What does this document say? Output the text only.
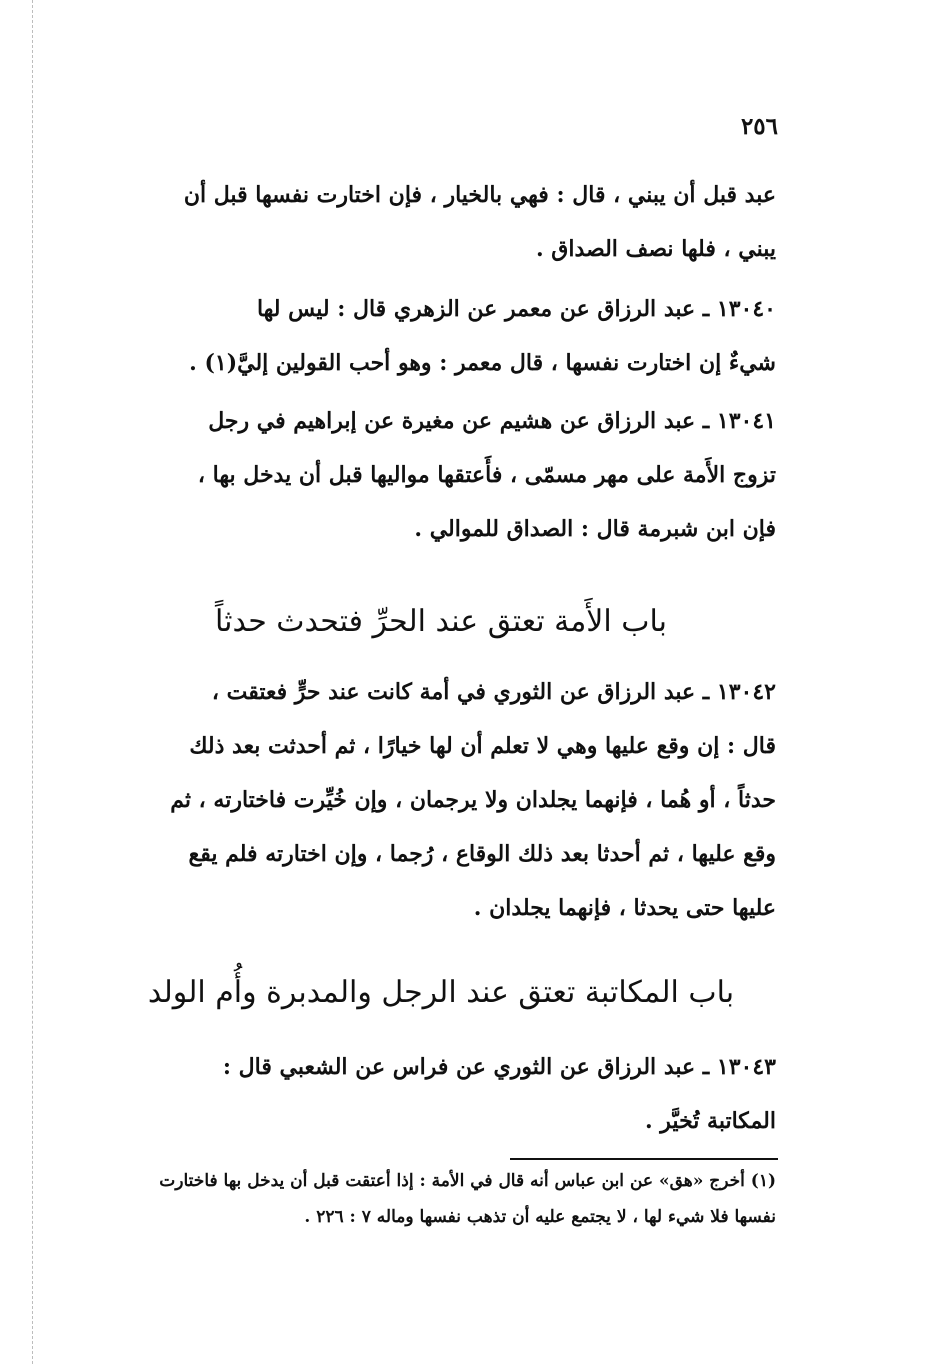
٢٥٦

عبد قبل أن يبني ، قال : فهي بالخيار ، فإن اختارت نفسها قبل أن
يبني ، فلها نصف الصداق .

١٣٠٤٠ ـ عبد الرزاق عن معمر عن الزهري قال : ليس لها
شيءٌ إن اختارت نفسها ، قال معمر : وهو أحب القولين إليَّ(١) .

١٣٠٤١ ـ عبد الرزاق عن هشيم عن مغيرة عن إبراهيم في رجل
تزوج الأَمة على مهر مسمّى ، فأَعتقها مواليها قبل أن يدخل بها ،
فإن ابن شبرمة قال : الصداق للموالي .

باب الأَمة تعتق عند الحرِّ فتحدث حدثاً

١٣٠٤٢ ـ عبد الرزاق عن الثوري في أمة كانت عند حرٍّ فعتقت ،
قال : إن وقع عليها وهي لا تعلم أن لها خيارًا ، ثم أحدثت بعد ذلك
حدثاً ، أو هُما ، فإنهما يجلدان ولا يرجمان ، وإن خُيِّرت فاختارته ، ثم
وقع عليها ، ثم أحدثا بعد ذلك الوقاع ، رُجما ، وإن اختارته فلم يقع
عليها حتى يحدثا ، فإنهما يجلدان .

باب المكاتبة تعتق عند الرجل والمدبرة وأُم الولد

١٣٠٤٣ ـ عبد الرزاق عن الثوري عن فراس عن الشعبي قال :
المكاتبة تُخيَّر .

(١) أخرج «هق» عن ابن عباس أنه قال في الأمة : إذا أعتقت قبل أن يدخل بها فاختارت
نفسها فلا شيء لها ، لا يجتمع عليه أن تذهب نفسها وماله ٧ : ٢٢٦ .
